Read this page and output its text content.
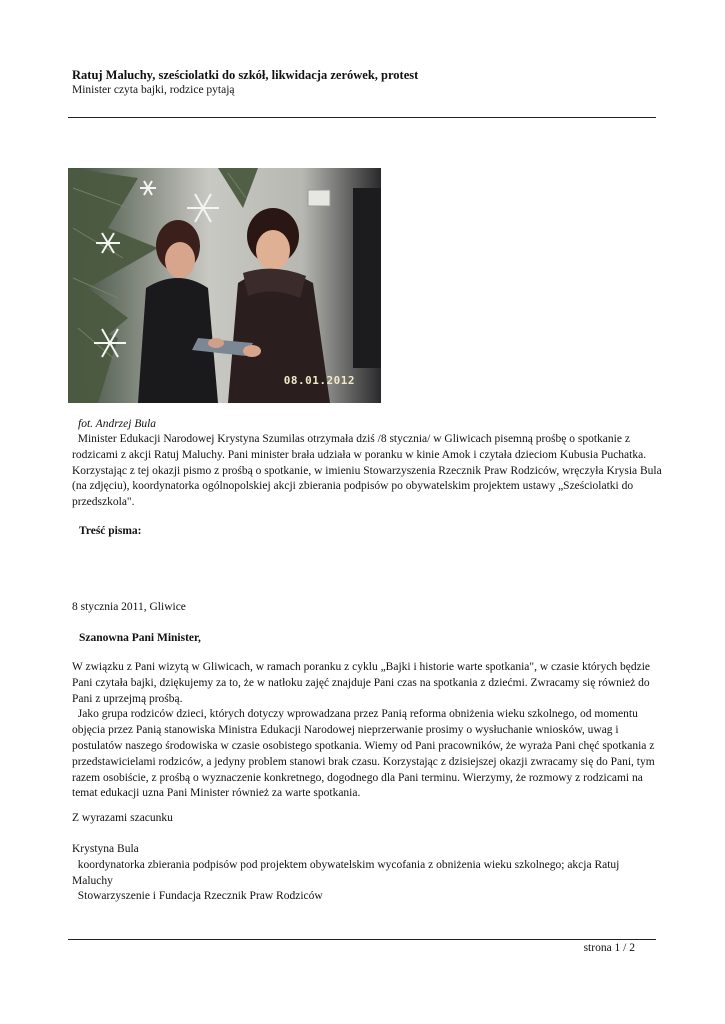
Ratuj Maluchy, sześciolatki do szkół, likwidacja zerówek, protest
Minister czyta bajki, rodzice pytają
08.01.2012
fot. Andrzej Bula
Minister Edukacji Narodowej Krystyna Szumilas otrzymała dziś /8 stycznia/ w Gliwicach pisemną prośbę o spotkanie z rodzicami z akcji Ratuj Maluchy. Pani minister brała udziała w poranku w kinie Amok i czytała dzieciom Kubusia Puchatka. Korzystając z tej okazji pismo z prośbą o spotkanie, w imieniu Stowarzyszenia Rzecznik Praw Rodziców, wręczyła Krysia Bula (na zdjęciu), koordynatorka ogólnopolskiej akcji zbierania podpisów po obywatelskim projektem ustawy „Sześciolatki do przedszkola".
Treść pisma:
8 stycznia 2011, Gliwice
Szanowna Pani Minister,
W związku z Pani wizytą w Gliwicach, w ramach poranku z cyklu „Bajki i historie warte spotkania", w czasie których będzie Pani czytała bajki, dziękujemy za to, że w natłoku zajęć znajduje Pani czas na spotkania z dziećmi. Zwracamy się również do Pani z uprzejmą prośbą.
Jako grupa rodziców dzieci, których dotyczy wprowadzana przez Panią reforma obniżenia wieku szkolnego, od momentu objęcia przez Panią stanowiska Ministra Edukacji Narodowej nieprzerwanie prosimy o wysłuchanie wniosków, uwag i postulatów naszego środowiska w czasie osobistego spotkania. Wiemy od Pani pracowników, że wyraża Pani chęć spotkania z przedstawicielami rodziców, a jedyny problem stanowi brak czasu. Korzystając z dzisiejszej okazji zwracamy się do Pani, tym razem osobiście, z prośbą o wyznaczenie konkretnego, dogodnego dla Pani terminu. Wierzymy, że rozmowy z rodzicami na temat edukacji uzna Pani Minister również za warte spotkania.
Z wyrazami szacunku
Krystyna Bula
koordynatorka zbierania podpisów pod projektem obywatelskim wycofania z obniżenia wieku szkolnego; akcja Ratuj Maluchy
Stowarzyszenie i Fundacja Rzecznik Praw Rodziców
strona 1 / 2
